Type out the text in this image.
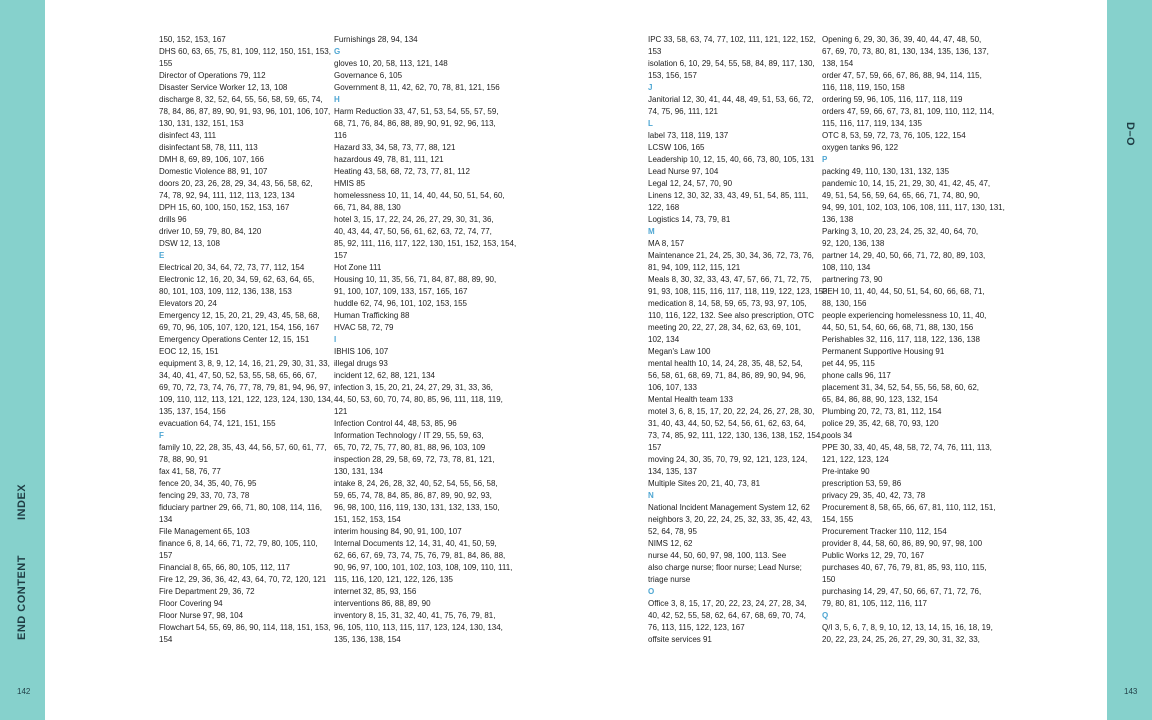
INDEX
END CONTENT
D–O
142	143
150, 152, 153, 167
DHS 60, 63, 65, 75, 81, 109, 112, 150, 151, 153,
155
Director of Operations 79, 112
Disaster Service Worker 12, 13, 108
discharge 8, 32, 52, 64, 55, 56, 58, 59, 65, 74,
78, 84, 86, 87, 89, 90, 91, 93, 96, 101, 106, 107,
130, 131, 132, 151, 153
disinfect 43, 111
disinfectant 58, 78, 111, 113
DMH 8, 69, 89, 106, 107, 166
Domestic Violence 88, 91, 107
doors 20, 23, 26, 28, 29, 34, 43, 56, 58, 62,
74, 78, 92, 94, 111, 112, 113, 123, 134
DPH 15, 60, 100, 150, 152, 153, 167
drills 96
driver 10, 59, 79, 80, 84, 120
DSW 12, 13, 108
E
Electrical 20, 34, 64, 72, 73, 77, 112, 154
Electronic 12, 16, 20, 34, 59, 62, 63, 64, 65,
80, 101, 103, 109, 112, 136, 138, 153
Elevators 20, 24
Emergency 12, 15, 20, 21, 29, 43, 45, 58, 68,
69, 70, 96, 105, 107, 120, 121, 154, 156, 167
Emergency Operations Center 12, 15, 151
EOC 12, 15, 151
equipment 3, 8, 9, 12, 14, 16, 21, 29, 30, 31, 33,
34, 40, 41, 47, 50, 52, 53, 55, 58, 65, 66, 67,
69, 70, 72, 73, 74, 76, 77, 78, 79, 81, 94, 96, 97,
109, 110, 112, 113, 121, 122, 123, 124, 130, 134,
135, 137, 154, 156
evacuation 64, 74, 121, 151, 155
F
family 10, 22, 28, 35, 43, 44, 56, 57, 60, 61, 77,
78, 88, 90, 91
fax 41, 58, 76, 77
fence 20, 34, 35, 40, 76, 95
fencing 29, 33, 70, 73, 78
fiduciary partner 29, 66, 71, 80, 108, 114, 116,
134
File Management 65, 103
finance 6, 8, 14, 66, 71, 72, 79, 80, 105, 110,
157
Financial 8, 65, 66, 80, 105, 112, 117
Fire 12, 29, 36, 36, 42, 43, 64, 70, 72, 120, 121
Fire Department 29, 36, 72
Floor Covering 94
Floor Nurse 97, 98, 104
Flowchart 54, 55, 69, 86, 90, 114, 118, 151, 153,
154
Furnishings 28, 94, 134
G
gloves 10, 20, 58, 113, 121, 148
Governance 6, 105
Government 8, 11, 42, 62, 70, 78, 81, 121, 156
H
Harm Reduction 33, 47, 51, 53, 54, 55, 57, 59,
68, 71, 76, 84, 86, 88, 89, 90, 91, 92, 96, 113,
116
Hazard 33, 34, 58, 73, 77, 88, 121
hazardous 49, 78, 81, 111, 121
Heating 43, 58, 68, 72, 73, 77, 81, 112
HMIS 85
homelessness 10, 11, 14, 40, 44, 50, 51, 54, 60,
66, 71, 84, 88, 130
hotel 3, 15, 17, 22, 24, 26, 27, 29, 30, 31, 36,
40, 43, 44, 47, 50, 56, 61, 62, 63, 72, 74, 77,
85, 92, 111, 116, 117, 122, 130, 151, 152, 153, 154,
157
Hot Zone 111
Housing 10, 11, 35, 56, 71, 84, 87, 88, 89, 90,
91, 100, 107, 109, 133, 157, 165, 167
huddle 62, 74, 96, 101, 102, 153, 155
Human Trafficking 88
HVAC 58, 72, 79
I
IBHIS 106, 107
illegal drugs 93
incident 12, 62, 88, 121, 134
infection 3, 15, 20, 21, 24, 27, 29, 31, 33, 36,
44, 50, 53, 60, 70, 74, 80, 85, 96, 111, 118, 119,
121
Infection Control 44, 48, 53, 85, 96
Information Technology / IT 29, 55, 59, 63,
65, 70, 72, 75, 77, 80, 81, 88, 96, 103, 109
inspection 28, 29, 58, 69, 72, 73, 78, 81, 121,
130, 131, 134
intake 8, 24, 26, 28, 32, 40, 52, 54, 55, 56, 58,
59, 65, 74, 78, 84, 85, 86, 87, 89, 90, 92, 93,
96, 98, 100, 116, 119, 130, 131, 132, 133, 150,
151, 152, 153, 154
interim housing 84, 90, 91, 100, 107
Internal Documents 12, 14, 31, 40, 41, 50, 59,
62, 66, 67, 69, 73, 74, 75, 76, 79, 81, 84, 86, 88,
90, 96, 97, 100, 101, 102, 103, 108, 109, 110, 111,
115, 116, 120, 121, 122, 126, 135
internet 32, 85, 93, 156
interventions 86, 88, 89, 90
inventory 8, 15, 31, 32, 40, 41, 75, 76, 79, 81,
96, 105, 110, 113, 115, 117, 123, 124, 130, 134,
135, 136, 138, 154
IPC 33, 58, 63, 74, 77, 102, 111, 121, 122, 152,
153
isolation 6, 10, 29, 54, 55, 58, 84, 89, 117, 130,
153, 156, 157
J
Janitorial 12, 30, 41, 44, 48, 49, 51, 53, 66, 72,
74, 75, 96, 111, 121
L
label 73, 118, 119, 137
LCSW 106, 165
Leadership 10, 12, 15, 40, 66, 73, 80, 105, 131
Lead Nurse 97, 104
Legal 12, 24, 57, 70, 90
Linens 12, 30, 32, 33, 43, 49, 51, 54, 85, 111,
122, 168
Logistics 14, 73, 79, 81
M
MA 8, 157
Maintenance 21, 24, 25, 30, 34, 36, 72, 73, 76,
81, 94, 109, 112, 115, 121
Meals 8, 30, 32, 33, 43, 47, 57, 66, 71, 72, 75,
91, 93, 108, 115, 116, 117, 118, 119, 122, 123, 153
medication 8, 14, 58, 59, 65, 73, 93, 97, 105,
110, 116, 122, 132. See also prescription, OTC
meeting 20, 22, 27, 28, 34, 62, 63, 69, 101,
102, 134
Megan's Law 100
mental health 10, 14, 24, 28, 35, 48, 52, 54,
56, 58, 61, 68, 69, 71, 84, 86, 89, 90, 94, 96,
106, 107, 133
Mental Health team 133
motel 3, 6, 8, 15, 17, 20, 22, 24, 26, 27, 28, 30,
31, 40, 43, 44, 50, 52, 54, 56, 61, 62, 63, 64,
73, 74, 85, 92, 111, 122, 130, 136, 138, 152, 154,
157
moving 24, 30, 35, 70, 79, 92, 121, 123, 124,
134, 135, 137
Multiple Sites 20, 21, 40, 73, 81
N
National Incident Management System 12, 62
neighbors 3, 20, 22, 24, 25, 32, 33, 35, 42, 43,
52, 64, 78, 95
NIMS 12, 62
nurse 44, 50, 60, 97, 98, 100, 113. See
also charge nurse; floor nurse; Lead Nurse;
triage nurse
O
Office 3, 8, 15, 17, 20, 22, 23, 24, 27, 28, 34,
40, 42, 52, 55, 58, 62, 64, 67, 68, 69, 70, 74,
76, 113, 115, 122, 123, 167
offsite services 91
Opening 6, 29, 30, 36, 39, 40, 44, 47, 48, 50,
67, 69, 70, 73, 80, 81, 130, 134, 135, 136, 137,
138, 154
order 47, 57, 59, 66, 67, 86, 88, 94, 114, 115,
116, 118, 119, 150, 158
ordering 59, 96, 105, 116, 117, 118, 119
orders 47, 59, 66, 67, 73, 81, 109, 110, 112, 114,
115, 116, 117, 119, 134, 135
OTC 8, 53, 59, 72, 73, 76, 105, 122, 154
oxygen tanks 96, 122
P
packing 49, 110, 130, 131, 132, 135
pandemic 10, 14, 15, 21, 29, 30, 41, 42, 45, 47,
49, 51, 54, 56, 59, 64, 65, 66, 71, 74, 80, 90,
94, 99, 101, 102, 103, 106, 108, 111, 117, 130, 131,
136, 138
Parking 3, 10, 20, 23, 24, 25, 32, 40, 64, 70,
92, 120, 136, 138
partner 14, 29, 40, 50, 66, 71, 72, 80, 89, 103,
108, 110, 134
partnering 73, 90
PEH 10, 11, 40, 44, 50, 51, 54, 60, 66, 68, 71,
88, 130, 156
people experiencing homelessness 10, 11, 40,
44, 50, 51, 54, 60, 66, 68, 71, 88, 130, 156
Perishables 32, 116, 117, 118, 122, 136, 138
Permanent Supportive Housing 91
pet 44, 95, 115
phone calls 96, 117
placement 31, 34, 52, 54, 55, 56, 58, 60, 62,
65, 84, 86, 88, 90, 123, 132, 154
Plumbing 20, 72, 73, 81, 112, 154
police 29, 35, 42, 68, 70, 93, 120
pools 34
PPE 30, 33, 40, 45, 48, 58, 72, 74, 76, 111, 113,
121, 122, 123, 124
Pre-intake 90
prescription 53, 59, 86
privacy 29, 35, 40, 42, 73, 78
Procurement 8, 58, 65, 66, 67, 81, 110, 112, 151,
154, 155
Procurement Tracker 110, 112, 154
provider 8, 44, 58, 60, 86, 89, 90, 97, 98, 100
Public Works 12, 29, 70, 167
purchases 40, 67, 76, 79, 81, 85, 93, 110, 115,
150
purchasing 14, 29, 47, 50, 66, 67, 71, 72, 76,
79, 80, 81, 105, 112, 116, 117
Q
Q/I 3, 5, 6, 7, 8, 9, 10, 12, 13, 14, 15, 16, 18, 19,
20, 22, 23, 24, 25, 26, 27, 29, 30, 31, 32, 33,
